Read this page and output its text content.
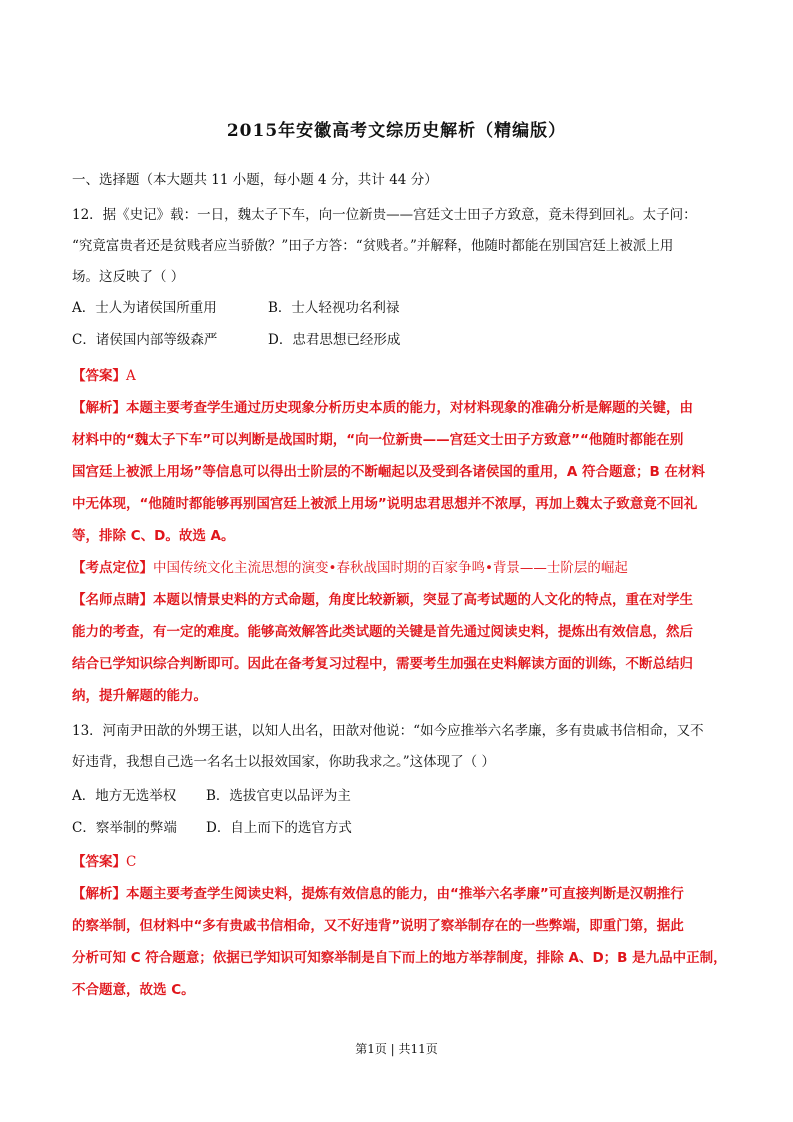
2015年安徽高考文综历史解析（精编版）
一、选择题（本大题共 11 小题，每小题 4 分，共计 44 分）
12．据《史记》载：一日，魏太子下车，向一位新贵——宫廷文士田子方致意，竟未得到回礼。太子问：
“究竟富贵者还是贫贱者应当骄傲？”田子方答：“贫贱者。”并解释，他随时都能在别国宫廷上被派上用
场。这反映了（ ）
A．士人为诸侯国所重用	B．士人轻视功名利禄
C．诸侯国内部等级森严	D．忠君思想已经形成
【答案】A
【解析】本题主要考查学生通过历史现象分析历史本质的能力，对材料现象的准确分析是解题的关键，由
材料中的“魏太子下车”可以判断是战国时期，“向一位新贵——宫廷文士田子方致意”“他随时都能在别
国宫廷上被派上用场”等信息可以得出士阶层的不断崛起以及受到各诸侯国的重用，A 符合题意；B 在材料
中无体现，“他随时都能够再别国宫廷上被派上用场”说明忠君思想并不浓厚，再加上魏太子致意竟不回礼
等，排除 C、D。故选 A。
【考点定位】中国传统文化主流思想的演变•春秋战国时期的百家争鸣•背景——士阶层的崛起
【名师点睛】本题以情景史料的方式命题，角度比较新颖，突显了高考试题的人文化的特点，重在对学生
能力的考查，有一定的难度。能够高效解答此类试题的关键是首先通过阅读史料，提炼出有效信息，然后
结合已学知识综合判断即可。因此在备考复习过程中，需要考生加强在史料解读方面的训练，不断总结归
纳，提升解题的能力。
13．河南尹田歆的外甥王谌，以知人出名，田歆对他说：“如今应推举六名孝廉，多有贵戚书信相命，又不
好违背，我想自己选一名名士以报效国家，你助我求之。”这体现了（ ）
A．地方无选举权 B．选拔官吏以品评为主
C．察举制的弊端 D．自上而下的选官方式
【答案】C
【解析】本题主要考查学生阅读史料，提炼有效信息的能力，由“推举六名孝廉”可直接判断是汉朝推行
的察举制，但材料中“多有贵戚书信相命，又不好违背”说明了察举制存在的一些弊端，即重门第，据此
分析可知 C 符合题意；依据已学知识可知察举制是自下而上的地方举荐制度，排除 A、D；B 是九品中正制，
不合题意，故选 C。
第1页 | 共11页
